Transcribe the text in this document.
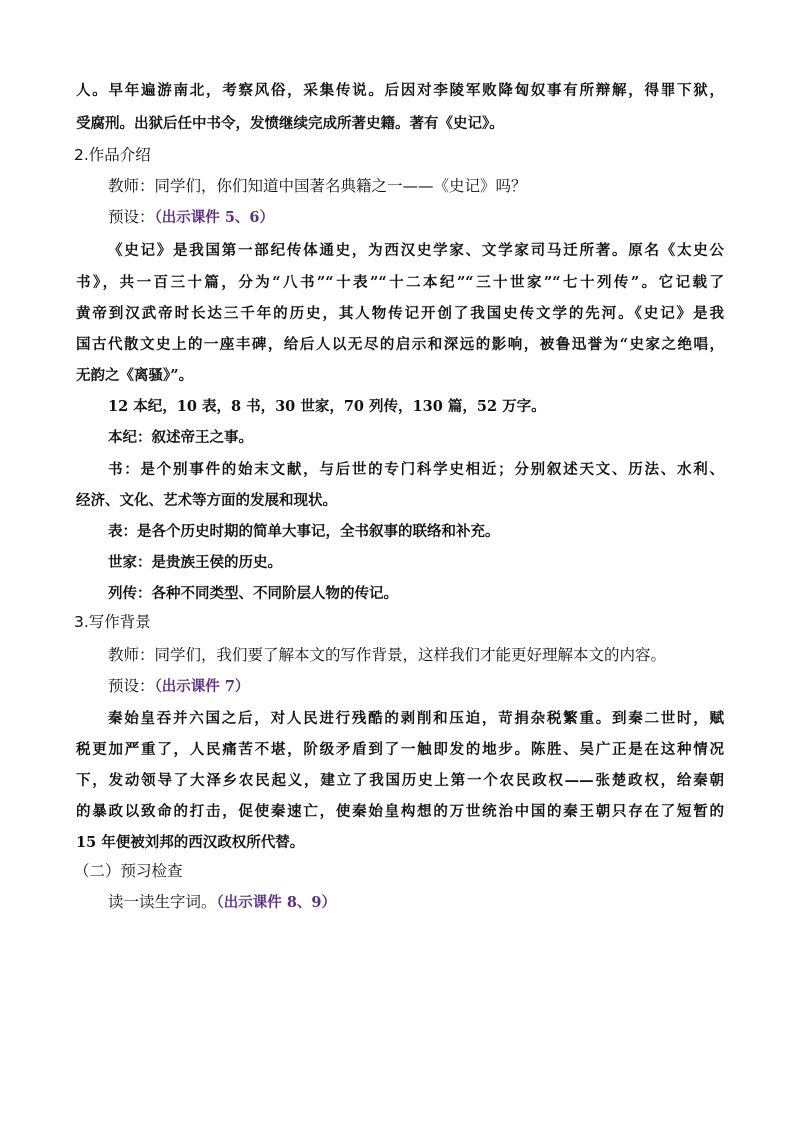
人。早年遍游南北，考察风俗，采集传说。后因对李陵军败降匈奴事有所辩解，得罪下狱，

受腐刑。出狱后任中书令，发愤继续完成所著史籍。著有《史记》。

2.作品介绍

教师：同学们，你们知道中国著名典籍之一——《史记》吗？

预设：（出示课件 5、6）

《史记》是我国第一部纪传体通史，为西汉史学家、文学家司马迁所著。原名《太史公

书》，共一百三十篇，分为“八书”“十表”“十二本纪”“三十世家”“七十列传”。它记载了

黄帝到汉武帝时长达三千年的历史，其人物传记开创了我国史传文学的先河。《史记》是我

国古代散文史上的一座丰碑，给后人以无尽的启示和深远的影响，被鲁迅誉为“史家之绝唱，

无韵之《离骚》”。

12 本纪，10 表，8 书，30 世家，70 列传，130 篇，52 万字。

本纪：叙述帝王之事。

书：是个别事件的始末文献，与后世的专门科学史相近；分别叙述天文、历法、水利、

经济、文化、艺术等方面的发展和现状。

表：是各个历史时期的简单大事记，全书叙事的联络和补充。

世家：是贵族王侯的历史。

列传：各种不同类型、不同阶层人物的传记。

3.写作背景

教师：同学们，我们要了解本文的写作背景，这样我们才能更好理解本文的内容。

预设：（出示课件 7）

秦始皇吞并六国之后，对人民进行残酷的剥削和压迫，苛捐杂税繁重。到秦二世时，赋

税更加严重了，人民痛苦不堪，阶级矛盾到了一触即发的地步。陈胜、吴广正是在这种情况

下，发动领导了大泽乡农民起义，建立了我国历史上第一个农民政权——张楚政权，给秦朝

的暴政以致命的打击，促使秦速亡，使秦始皇构想的万世统治中国的秦王朝只存在了短暂的

15 年便被刘邦的西汉政权所代替。

（二）预习检查

读一读生字词。（出示课件 8、9）
